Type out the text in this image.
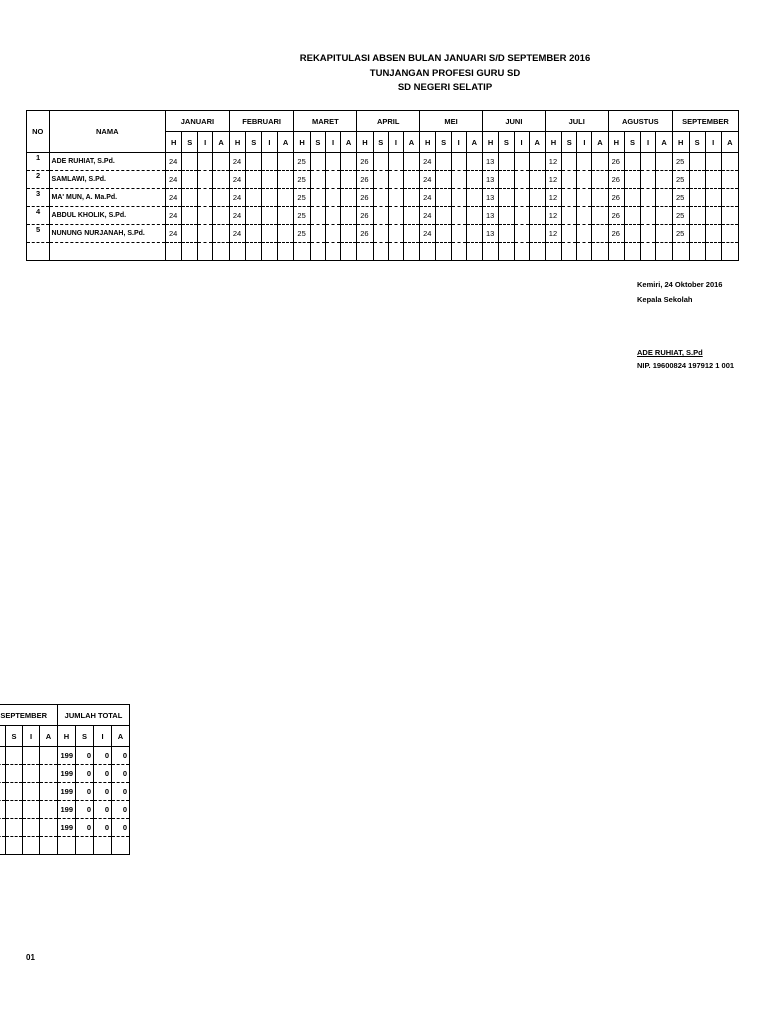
REKAPITULASI ABSEN BULAN JANUARI S/D SEPTEMBER 2016
TUNJANGAN PROFESI GURU SD
SD NEGERI SELATIP
NO	NAMA	JANUARI				FEBRUARI				MARET				APRIL				MEI				JUNI				JULI				AGUSTUS				SEPTEMBER			
		H	S	I	A	H	S	I	A	H	S	I	A	H	S	I	A	H	S	I	A	H	S	I	A	H	S	I	A	H	S	I	A	H	S	I	A
1	ADE RUHIAT, S.Pd.	24				24				25				26				24				13				12				26				25			
2	SAMLAWI, S.Pd.	24				24				25				26				24				13				12				26				25			
3	MA' MUN, A. Ma.Pd.	24				24				25				26				24				13				12				26				25			
4	ABDUL KHOLIK, S.Pd.	24				24				25				26				24				13				12				26				25			
5	NUNUNG NURJANAH, S.Pd.	24				24				25				26				24				13				12				26				25			

Kemiri, 24 Oktober 2016
Kepala Sekolah
ADE RUHIAT, S.Pd
NIP. 19600824 197912 1 001
SEPTEMBER				JUMLAH TOTAL			
	S	I	A	H	S	I	A
				199	0	0	0
				199	0	0	0
				199	0	0	0
				199	0	0	0
				199	0	0	0

01
